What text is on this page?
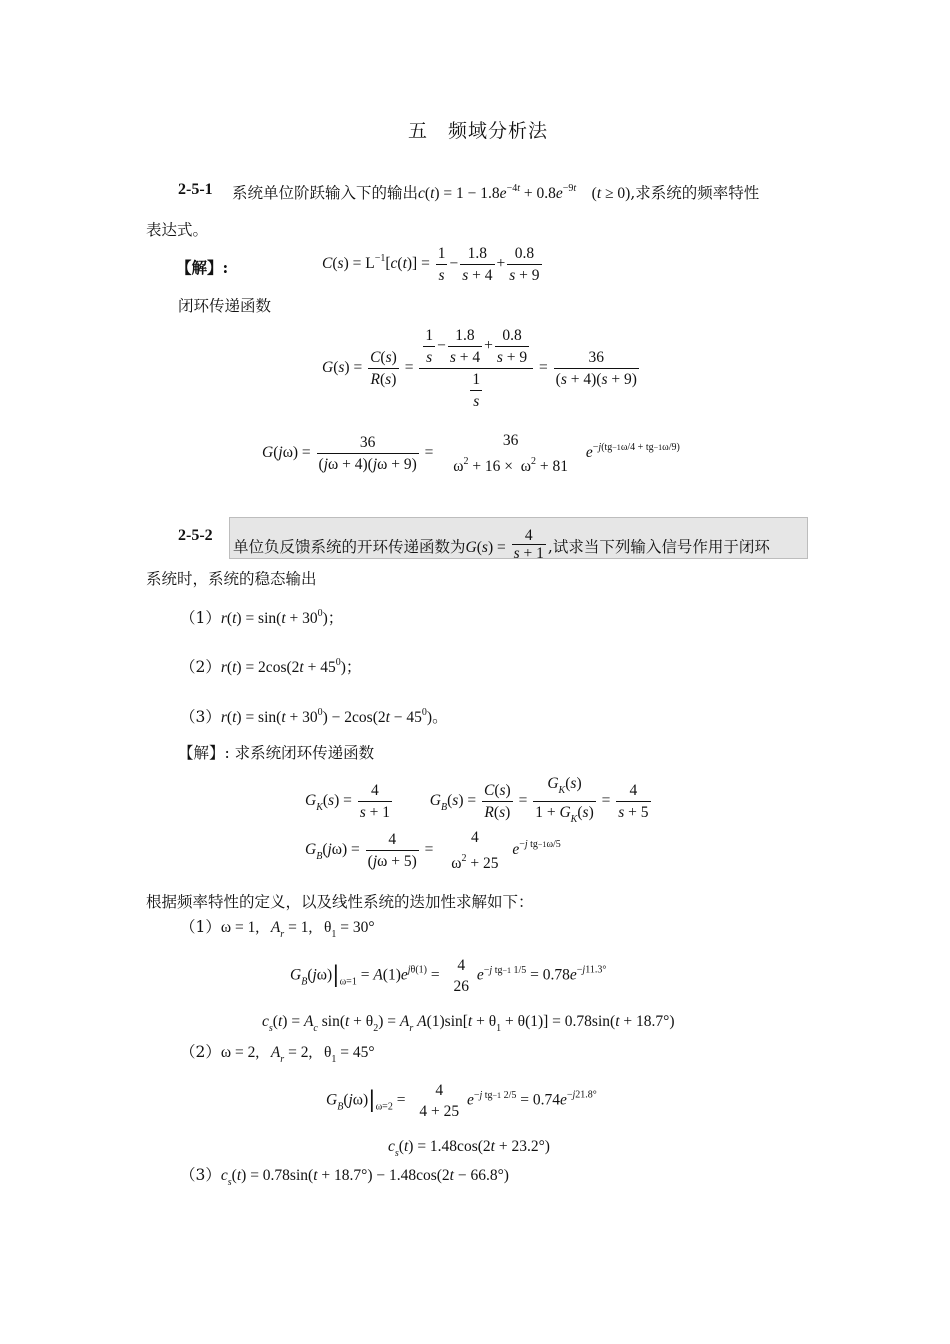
五　频域分析法
2-5-1 系统单位阶跃输入下的输出$c(t) = 1 - 1.8e^{-4t} + 0.8e^{-9t}$    (t ≥ 0),求系统的频率特性
表达式。
【解】:	$C(s) = L^{-1}[c(t)] = \frac{1}{s} - \frac{1.8}{s + 4} + \frac{0.8}{s + 9}$
闭环传递函数
$G(s) = \frac{C(s)}{R(s)} = \frac{\frac{1}{s} - \frac{1.8}{s + 4} + \frac{0.8}{s + 9}}{\frac{1}{s}} = \frac{36}{(s + 4)(s + 9)}$
$G(j\omega) = \frac{36}{(j\omega + 4)(j\omega + 9)}$ =
36
$\omega^2 + 16 \times \omega^2 + 81$
$e^{-j(tg-1\omega/4 + tg-1\omega/9)}$
2-5-2
单位负反馈系统的开环传递函数为$G(s) = \frac{4}{s + 1}$ ,试求当下列输入信号作用于闭环
系统时，系统的稳态输出
$(1)r(t) = \sin(t + 30^0)$；
$(2)r(t) = 2\cos(2t + 45^0)$；
$(3)r(t) = \sin(t + 30^0) - 2\cos(2t - 45^0)$。
【解】: 求系统闭环传递函数
$G_K(s) = \frac{4}{s + 1} G_B(s) = \frac{C(s)}{R(s)} = \frac{G_K(s)}{1 + G_K(s)} = \frac{4}{s + 5}$
$G_B(j\omega) = \frac{4}{(j\omega + 5)}$ =
4
$\omega^2 + 25$
$e^{-j tg-1\omega/5}$
根据频率特性的定义，以及线性系统的迭加性求解如下：
（1）ω = 1,   $A_r = 1$,   $\theta_1 = 30^\circ$
$G_B(j\omega)|_{\omega=1} = A(1)e^{j\theta(1)}$ =
4
26
$e^{-j tg-1 1/5} = 0.78e^{-j11.3^\circ}$
$c_s(t) = A_c$ $\sin(t + \theta_2) = A_r$ $A(1)\sin[t + \theta_1 + \theta(1)] = 0.78\sin(t + 18.7^\circ)$
（2）ω = 2,   $A_r = 2$,   $\theta_1 = 45^\circ$
$G_B(j\omega)|_{\omega=2}$ =
4
4 + 25
$e^{-j tg-1 2/5} = 0.74e^{-j21.8^\circ}$
$c_s(t) = 1.48\cos(2t + 23.2^\circ)$
$(3)c_s(t) = 0.78\sin(t + 18.7^\circ) - 1.48\cos(2t - 66.8^\circ)$
